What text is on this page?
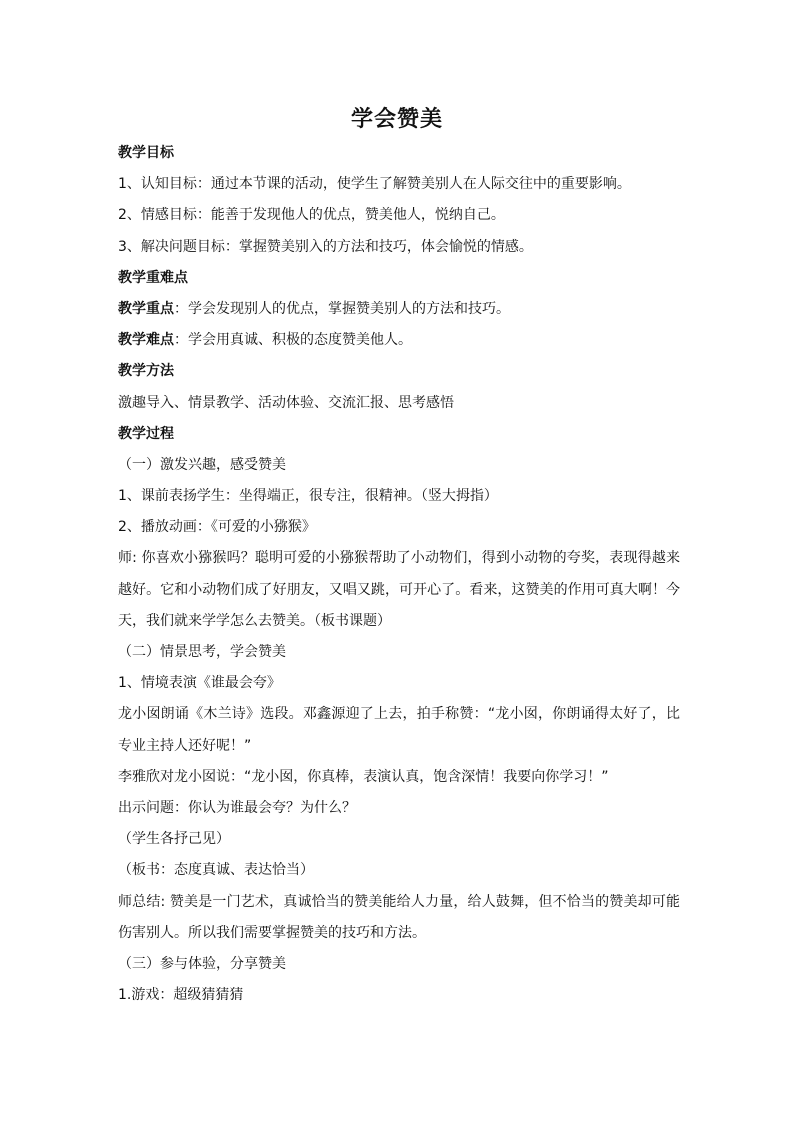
学会赞美
教学目标
1、认知目标：通过本节课的活动，使学生了解赞美别人在人际交往中的重要影响。
2、情感目标：能善于发现他人的优点，赞美他人，悦纳自己。
3、解决问题目标：掌握赞美别入的方法和技巧，体会愉悦的情感。
教学重难点
教学重点：学会发现别人的优点，掌握赞美别人的方法和技巧。
教学难点：学会用真诚、积极的态度赞美他人。
教学方法
激趣导入、情景教学、活动体验、交流汇报、思考感悟
教学过程
（一）激发兴趣，感受赞美
1、课前表扬学生：坐得端正，很专注，很精神。（竖大拇指）
2、播放动画：《可爱的小猕猴》
师: 你喜欢小猕猴吗？聪明可爱的小猕猴帮助了小动物们，得到小动物的夸奖，表现得越来越好。它和小动物们成了好朋友，又唱又跳，可开心了。看来，这赞美的作用可真大啊！今天，我们就来学学怎么去赞美。（板书课题）
（二）情景思考，学会赞美
1、情境表演《谁最会夸》
龙小囡朗诵《木兰诗》选段。邓鑫源迎了上去，拍手称赞：“龙小囡，你朗诵得太好了，比专业主持人还好呢！”
李雅欣对龙小囡说：“龙小囡，你真棒，表演认真，饱含深情！我要向你学习！”
出示问题：你认为谁最会夸？为什么？
（学生各抒己见）
（板书：态度真诚、表达恰当）
师总结: 赞美是一门艺术，真诚恰当的赞美能给人力量，给人鼓舞，但不恰当的赞美却可能伤害别人。所以我们需要掌握赞美的技巧和方法。
（三）参与体验，分享赞美
1.游戏：超级猜猜猜
